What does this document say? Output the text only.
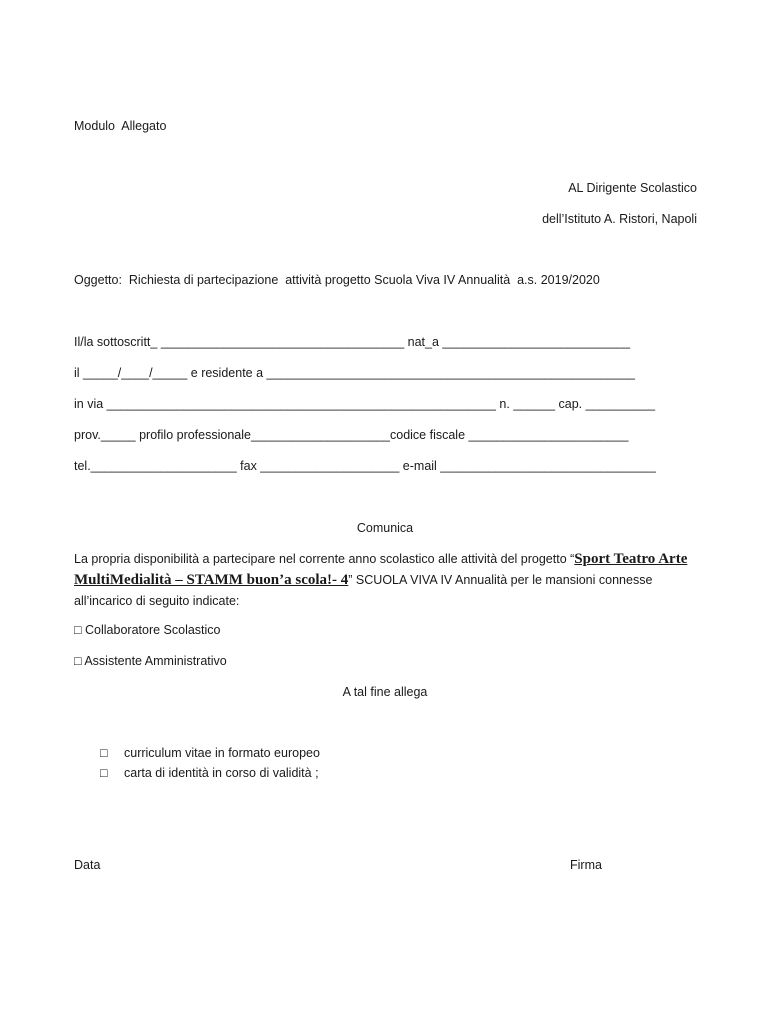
Modulo  Allegato
AL Dirigente Scolastico
dell’Istituto A. Ristori, Napoli
Oggetto:  Richiesta di partecipazione  attività progetto Scuola Viva IV Annualità  a.s. 2019/2020
Il/la sottoscritt_ ___________________________________ nat_a ___________________________
il _____/____/_____ e residente a _____________________________________________________
in via ________________________________________________________ n. ______ cap. __________
prov._____ profilo professionale____________________codice fiscale _______________________
tel._____________________ fax ____________________ e-mail _______________________________
Comunica
La propria disponibilità a partecipare nel corrente anno scolastico alle attività del progetto “Sport Teatro Arte MultiMedialità – STAMM buon’a scola!- 4” SCUOLA VIVA IV Annualità per le mansioni connesse all’incarico di seguito indicate:
□ Collaboratore Scolastico
□ Assistente Amministrativo
A tal fine allega
□ curriculum vitae in formato europeo
□ carta di identità in corso di validità ;
Data	Firma
